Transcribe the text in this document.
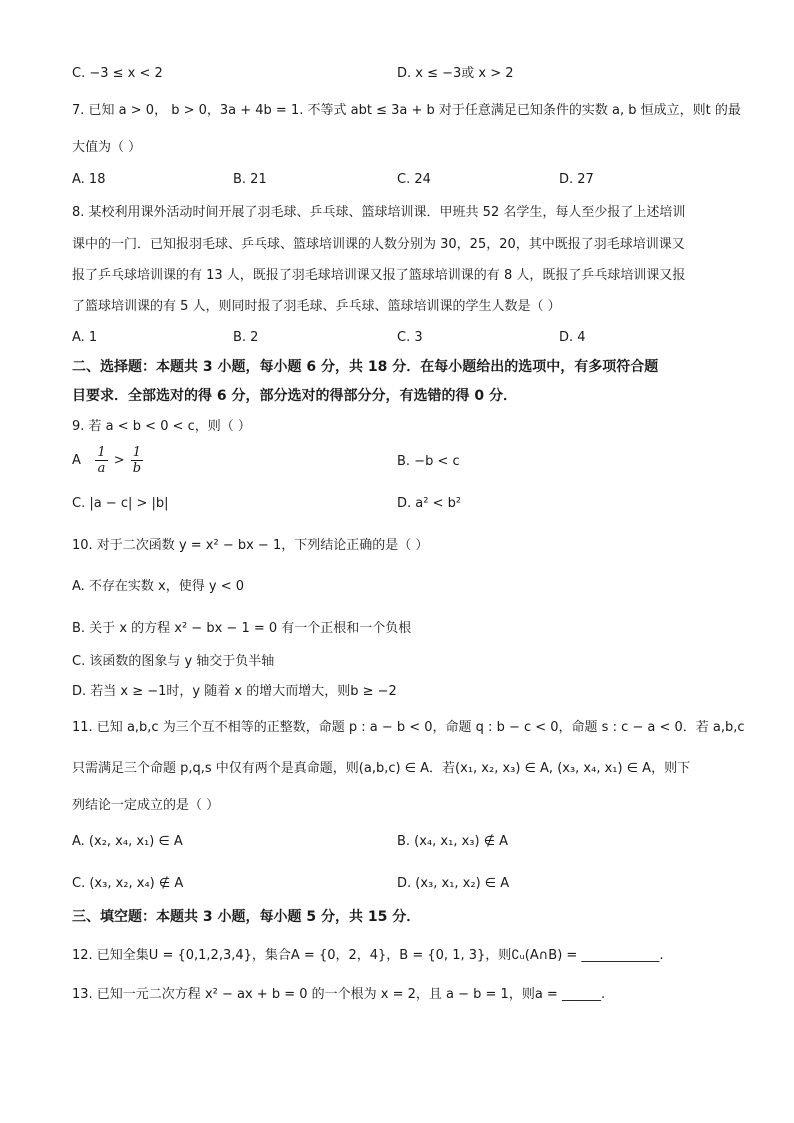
C. −3 ≤ x < 2	D. x ≤ −3或 x > 2
7. 已知 a > 0， b > 0，3a + 4b = 1. 不等式 abt ≤ 3a + b 对于任意满足已知条件的实数 a, b 恒成立，则t 的最
大值为（ ）
A. 18	B. 21	C. 24	D. 27
8. 某校利用课外活动时间开展了羽毛球、乒乓球、篮球培训课．甲班共 52 名学生，每人至少报了上述培训
课中的一门．已知报羽毛球、乒乓球、篮球培训课的人数分别为 30，25，20，其中既报了羽毛球培训课又
报了乒乓球培训课的有 13 人，既报了羽毛球培训课又报了篮球培训课的有 8 人，既报了乒乓球培训课又报
了篮球培训课的有 5 人，则同时报了羽毛球、乒乓球、篮球培训课的学生人数是（ ）
A. 1	B. 2	C. 3	D. 4
二、选择题：本题共 3 小题，每小题 6 分，共 18 分．在每小题给出的选项中，有多项符合题
目要求．全部选对的得 6 分，部分选对的得部分分，有选错的得 0 分．
9. 若 a < b < 0 < c，则（ ）
A $\frac{1}{a} > \frac{1}{b}$	B. −b < c
C. |a − c| > |b|	D. a² < b²
10. 对于二次函数 y = x² − bx − 1，下列结论正确的是（ ）
A. 不存在实数 x，使得 y < 0
B. 关于 x 的方程 x² − bx − 1 = 0 有一个正根和一个负根
C. 该函数的图象与 y 轴交于负半轴
D. 若当 x ≥ −1时，y 随着 x 的增大而增大，则b ≥ −2
11. 已知 a,b,c 为三个互不相等的正整数，命题 p : a − b < 0，命题 q : b − c < 0，命题 s : c − a < 0．若 a,b,c
只需满足三个命题 p,q,s 中仅有两个是真命题，则(a,b,c) ∈ A．若(x₁, x₂, x₃) ∈ A, (x₃, x₄, x₁) ∈ A，则下
列结论一定成立的是（ ）
A. (x₂, x₄, x₁) ∈ A	B. (x₄, x₁, x₃) ∉ A
C. (x₃, x₂, x₄) ∉ A	D. (x₃, x₁, x₂) ∈ A
三、填空题：本题共 3 小题，每小题 5 分，共 15 分．
12. 已知全集U = {0,1,2,3,4}，集合A = {0，2，4}，B = {0, 1, 3}，则∁ᵤ(A∩B) = ____________.
13. 已知一元二次方程 x² − ax + b = 0 的一个根为 x = 2，且 a − b = 1，则a = ______.
